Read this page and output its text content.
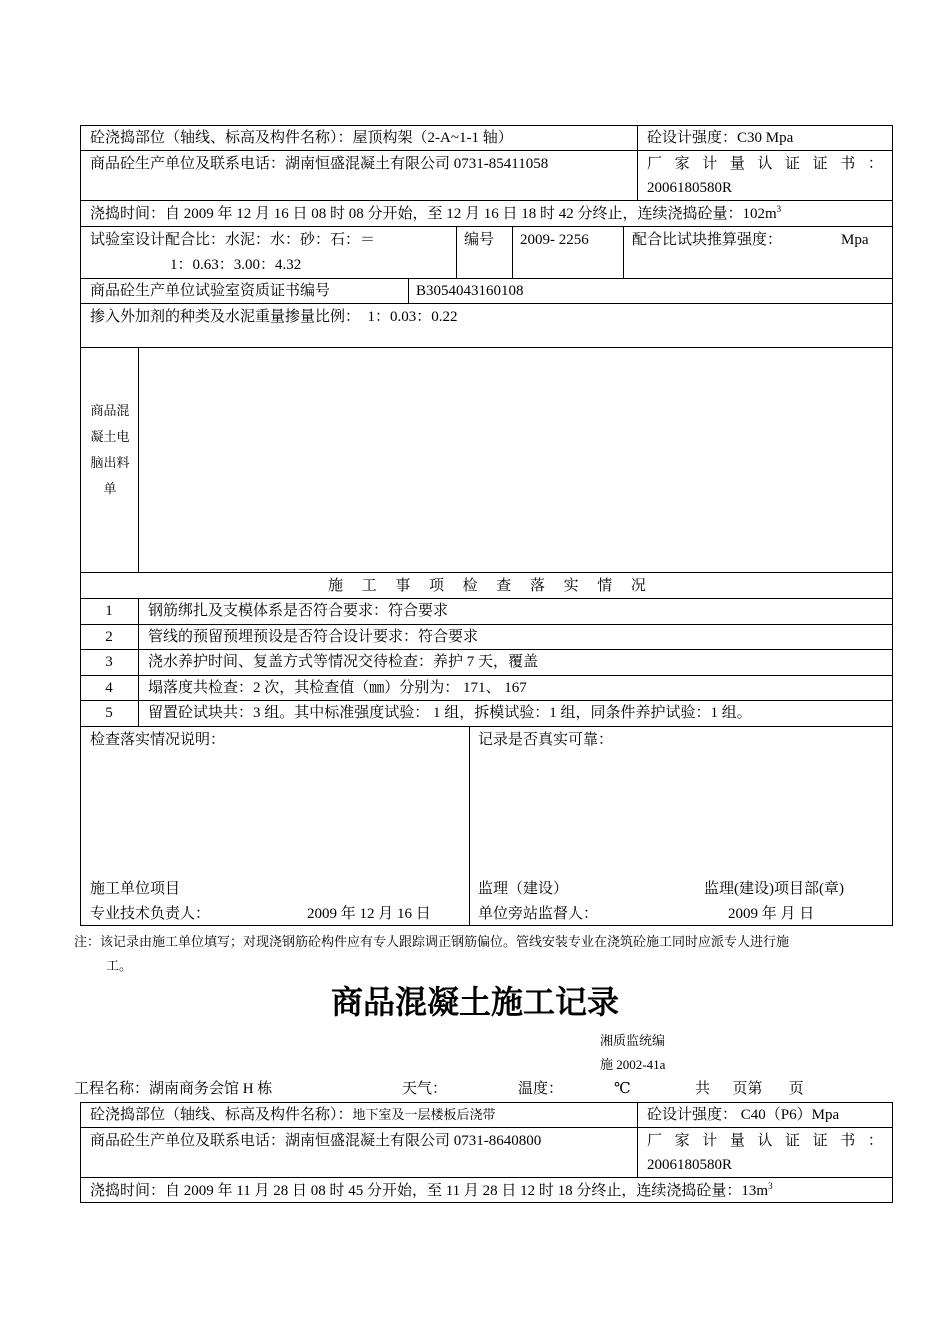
砼浇捣部位（轴线、标高及构件名称）：屋顶构架（2-A~1-1 轴）	砼设计强度：C30 Mpa
商品砼生产单位及联系电话：湖南恒盛混凝土有限公司 0731-85411058	厂 家 计 量 认 证 证 书 ：
2006180580R
浇捣时间：自 2009 年 12 月 16 日 08 时 08 分开始，至 12 月 16 日 18 时 42 分终止，连续浇捣砼量：$102m^3$
试验室设计配合比：水泥：水：砂：石：＝
1：0.63：3.00：4.32
编号 2009- 2256	配合比试块推算强度：	Mpa
商品砼生产单位试验室资质证书编号	B3054043160108
掺入外加剂的种类及水泥重量掺量比例： 1：0.03：0.22
商品混凝土电脑出料单
施 工 事 项 检 查 落 实 情 况
1	钢筋绑扎及支模体系是否符合要求：符合要求
2	管线的预留预埋预设是否符合设计要求：符合要求
3	浇水养护时间、复盖方式等情况交待检查：养护 7 天，覆盖
4	塌落度共检查：2 次，其检查值（㎜）分别为： 171、 167
5	留置砼试块共：3 组。其中标准强度试验： 1 组，拆模试验：1 组，同条件养护试验：1 组。
检查落实情况说明：	记录是否真实可靠：
施工单位项目
专业技术负责人：	2009 年 12 月 16 日
监理（建设）	监理(建设)项目部(章)
单位旁站监督人：	2009 年 月 日
注：该记录由施工单位填写；对现浇钢筋砼构件应有专人跟踪调正钢筋偏位。管线安装专业在浇筑砼施工同时应派专人进行施
工。
商品混凝土施工记录
湘质监统编
施 2002-41a
工程名称：湖南商务会馆 H 栋	天气：	温度：	℃	共      页第       页
砼浇捣部位（轴线、标高及构件名称）：地下室及一层楼板后浇带	砼设计强度： C40（P6）Mpa
商品砼生产单位及联系电话：湖南恒盛混凝土有限公司 0731-8640800	厂 家 计 量 认 证 证 书 ：
2006180580R
浇捣时间：自 2009 年 11 月 28 日 08 时 45 分开始，至 11 月 28 日 12 时 18 分终止，连续浇捣砼量：$13m^3$
